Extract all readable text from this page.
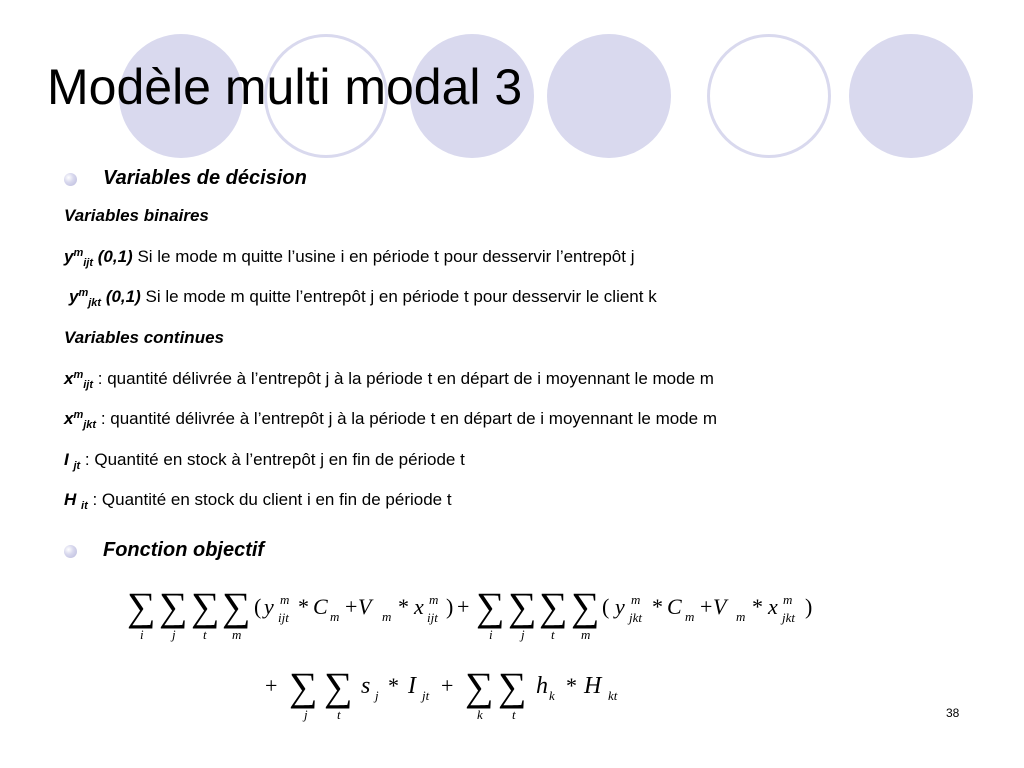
Modèle multi modal 3
Variables de décision
Variables binaires
$y^m_{ijt}$ (0,1) Si le mode m quitte l’usine i en période t pour desservir l’entrepôt j
$y^m_{jkt}$ (0,1) Si le mode m quitte l’entrepôt j en période t pour desservir le client k
Variables continues
$x^m_{ijt}$ : quantité délivrée à l’entrepôt j à la période t en départ de i moyennant le mode m
$x^m_{jkt}$ : quantité délivrée à l’entrepôt j à la période t en départ de i moyennant le mode m
I $_{jt}$ : Quantité en stock à l’entrepôt j en fin de période t
H $_{it}$ : Quantité en stock du client i en fin de période t
Fonction objectif
∑ ∑ ∑ ∑	∑ ∑ ∑ ∑
i j t m	i j t m
( y * C + V * x ) +	( y * C + V * x )
m
ijt	m	m
m
ijt
m
jkt	m	m
m
jkt
+ ∑ ∑	∑ ∑
j t	k t
s I	h H
* +	*
j	jt	k	kt
38
